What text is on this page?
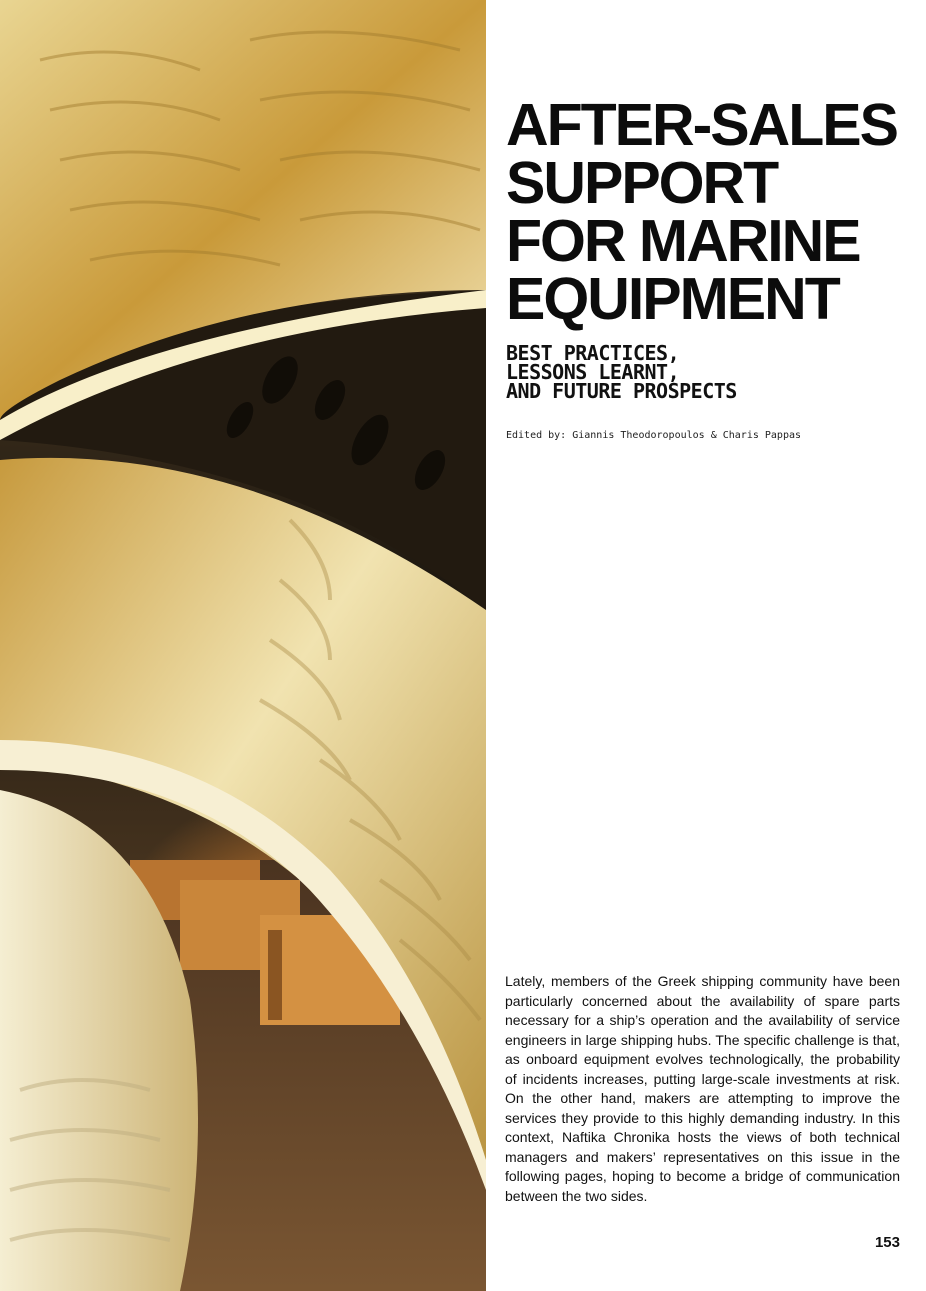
AFTER-SALES
SUPPORT
FOR MARINE
EQUIPMENT
BEST PRACTICES,
LESSONS LEARNT,
AND FUTURE PROSPECTS
Edited by: Giannis Theodoropoulos & Charis Pappas

Lately, members of the Greek shipping community have been particularly concerned about the availability of spare parts necessary for a ship’s operation and the availability of service engineers in large shipping hubs. The specific challenge is that, as onboard equipment evolves technologically, the probability of incidents increases, putting large-scale investments at risk. On the other hand, makers are attempting to improve the services they provide to this highly demanding industry. In this context, Naftika Chronika hosts the views of both technical managers and makers’ representatives on this issue in the following pages, hoping to become a bridge of communication between the two sides.

153
